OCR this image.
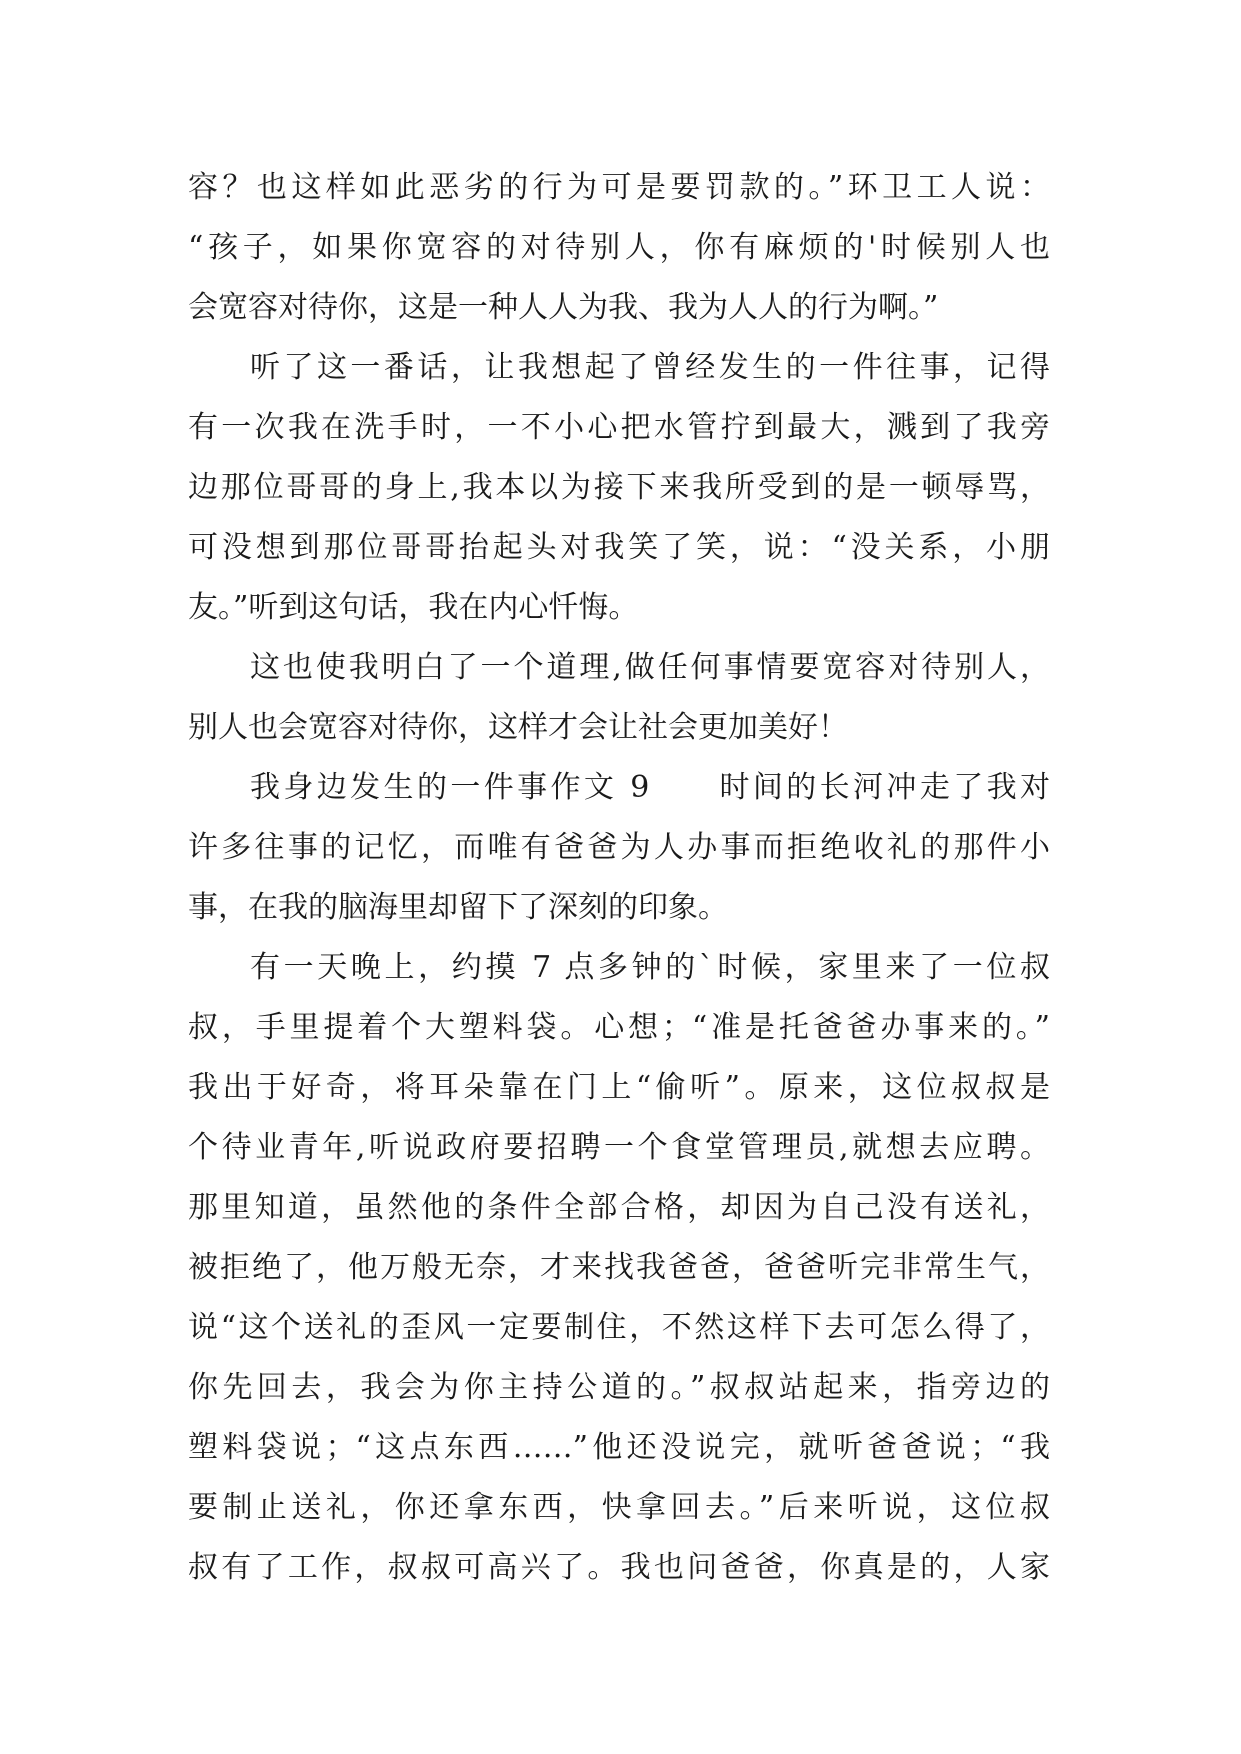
容？也这样如此恶劣的行为可是要罚款的。”环卫工人说：
“孩子，如果你宽容的对待别人，你有麻烦的'时候别人也
会宽容对待你，这是一种人人为我、我为人人的行为啊。”
听了这一番话，让我想起了曾经发生的一件往事，记得
有一次我在洗手时，一不小心把水管拧到最大，溅到了我旁
边那位哥哥的身上,我本以为接下来我所受到的是一顿辱骂，
可没想到那位哥哥抬起头对我笑了笑，说：“没关系，小朋
友。”听到这句话，我在内心忏悔。
这也使我明白了一个道理,做任何事情要宽容对待别人，
别人也会宽容对待你，这样才会让社会更加美好！
我身边发生的一件事作文 9　　时间的长河冲走了我对
许多往事的记忆，而唯有爸爸为人办事而拒绝收礼的那件小
事，在我的脑海里却留下了深刻的印象。
有一天晚上，约摸 7 点多钟的`时候，家里来了一位叔
叔，手里提着个大塑料袋。心想；“准是托爸爸办事来的。”
我出于好奇，将耳朵靠在门上“偷听”。原来，这位叔叔是
个待业青年,听说政府要招聘一个食堂管理员,就想去应聘。
那里知道，虽然他的条件全部合格，却因为自己没有送礼，
被拒绝了，他万般无奈，才来找我爸爸，爸爸听完非常生气，
说“这个送礼的歪风一定要制住，不然这样下去可怎么得了，
你先回去，我会为你主持公道的。”叔叔站起来，指旁边的
塑料袋说；“这点东西……”他还没说完，就听爸爸说；“我
要制止送礼，你还拿东西，快拿回去。”后来听说，这位叔
叔有了工作，叔叔可高兴了。我也问爸爸，你真是的，人家
